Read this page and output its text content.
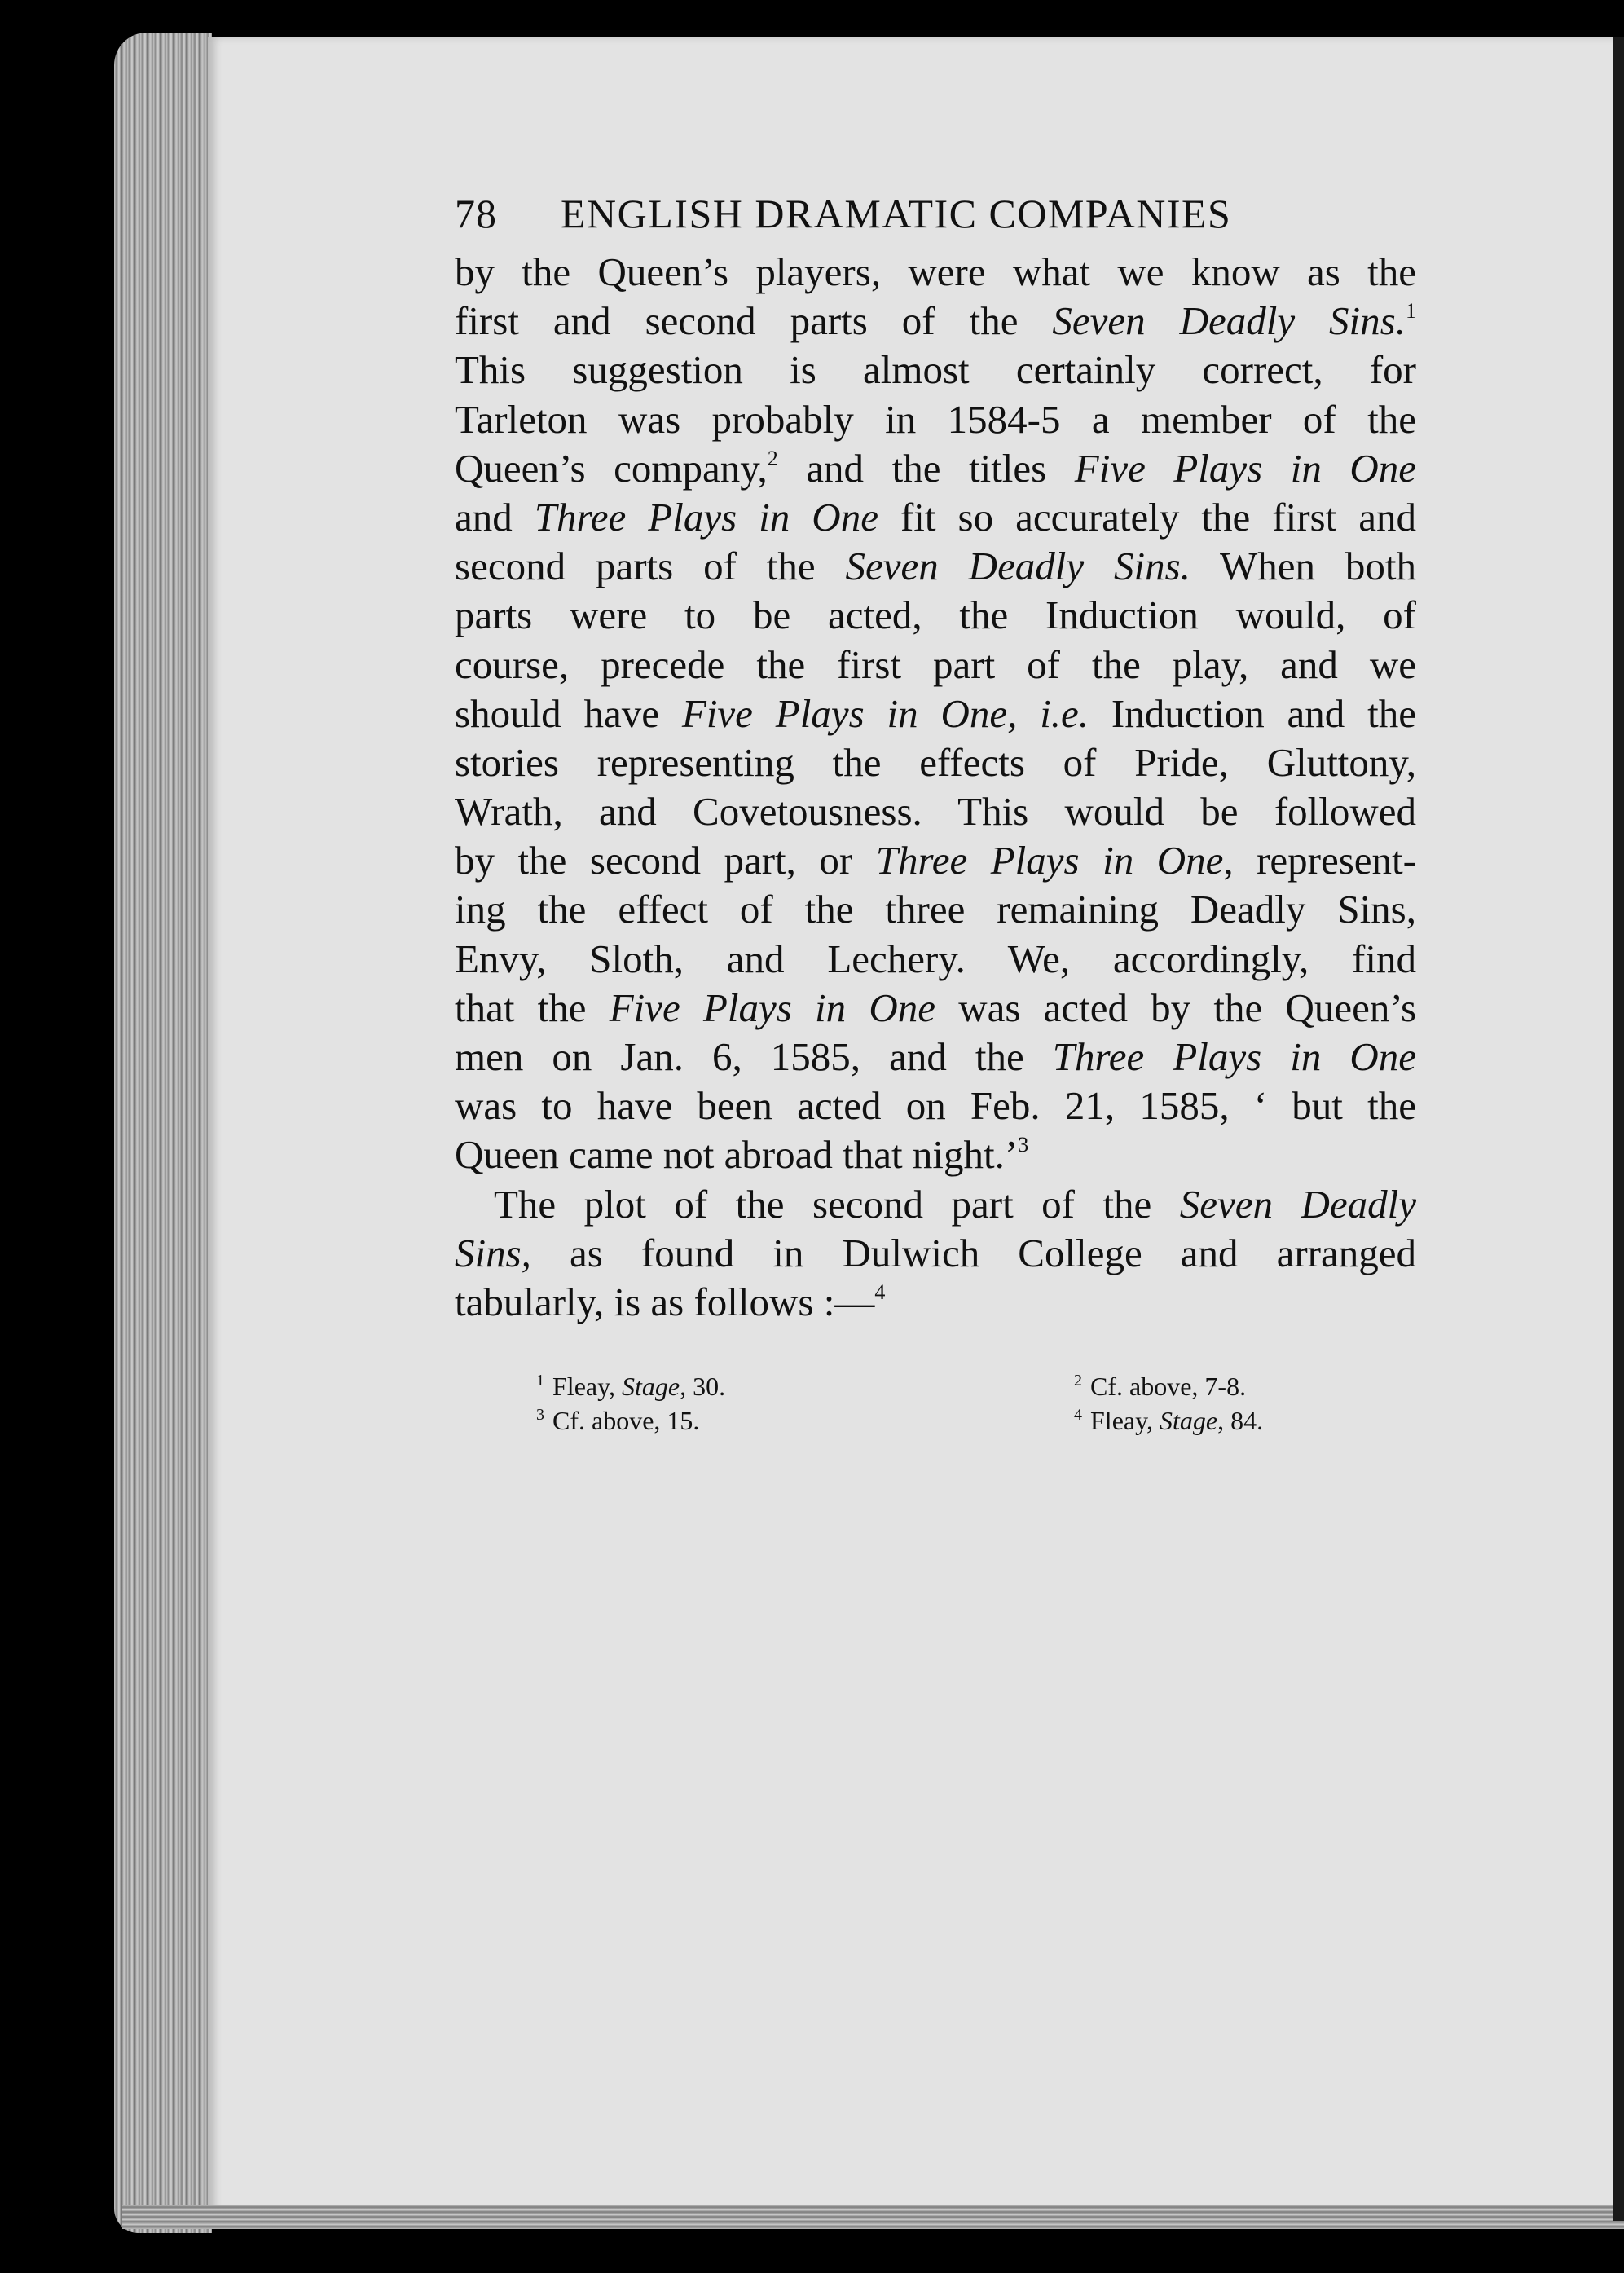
78 ENGLISH DRAMATIC COMPANIES
by the Queen’s players, were what we know as the
first and second parts of the Seven Deadly Sins.$^1$
This suggestion is almost certainly correct, for
Tarleton was probably in 1584-5 a member of the
Queen’s company,$^2$ and the titles Five Plays in One
and Three Plays in One fit so accurately the first and
second parts of the Seven Deadly Sins. When both
parts were to be acted, the Induction would, of
course, precede the first part of the play, and we
should have Five Plays in One, i.e. Induction and the
stories representing the effects of Pride, Gluttony,
Wrath, and Covetousness. This would be followed
by the second part, or Three Plays in One, represent-
ing the effect of the three remaining Deadly Sins,
Envy, Sloth, and Lechery. We, accordingly, find
that the Five Plays in One was acted by the Queen’s
men on Jan. 6, 1585, and the Three Plays in One
was to have been acted on Feb. 21, 1585, ‘ but the
Queen came not abroad that night.’$^3$
The plot of the second part of the Seven Deadly
Sins, as found in Dulwich College and arranged
tabularly, is as follows :—$^4$
$^1$ Fleay, Stage, 30.	$^2$ Cf. above, 7-8.
$^3$ Cf. above, 15.	$^4$ Fleay, Stage, 84.
